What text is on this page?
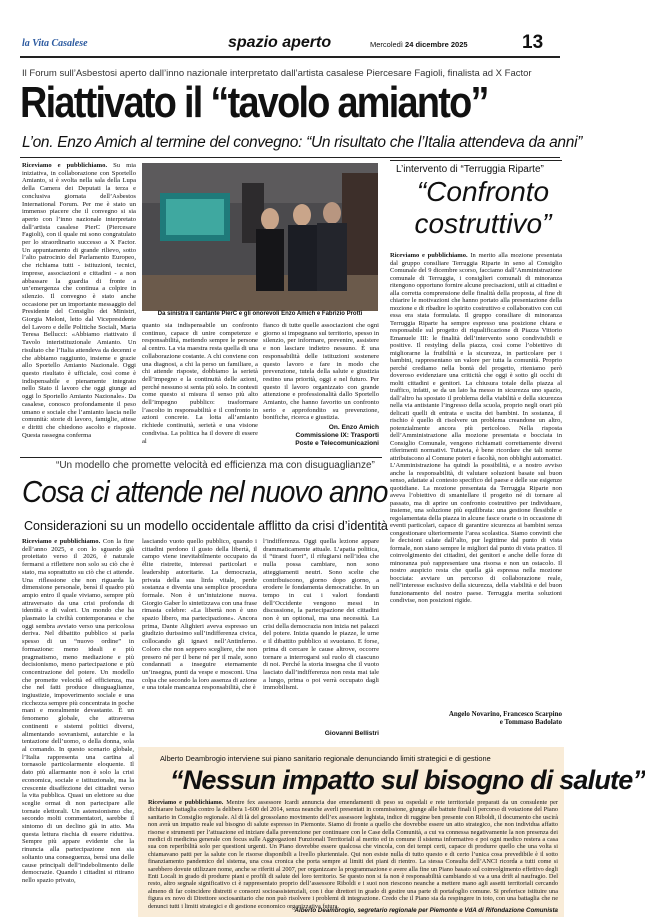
la Vita Casalese	spazio aperto	Mercoledì 24 dicembre 2025	13
Il Forum sull’Asbestosi aperto dall’inno nazionale interpretato dall’artista casalese Piercesare Fagioli, finalista ad X Factor
Riattivato il “tavolo amianto”
L’on. Enzo Amich al termine del convegno: “Un risultato che l’Italia attendeva da anni”

Riceviamo e pubblichiamo. Su mia iniziativa, in collaborazione con Sportello Amianto, si è svolta nella sala della Lupa della Camera dei Deputati la terza e conclusiva giornata dell’Asbestos International Forum. Per me è stato un immenso piacere che il convegno si sia aperto con l’inno nazionale interpretato dall’artista casalese PierC (Piercesare Fagioli), con il quale mi sono congratulato per lo straordinario successo a X Factor. Un appuntamento di grande rilievo, sotto l’alto patrocinio del Parlamento Europeo, che richiama tutti - istituzioni, tecnici, imprese, associazioni e cittadini - a non abbassare la guardia di fronte a un’emergenza che continua a colpire in silenzio. Il convegno è stato anche occasione per un importante messaggio del Presidente del Consiglio dei Ministri, Giorgia Meloni, letto dal Vicepresidente del Lavoro e delle Politiche Sociali, Maria Teresa Bellucci: «Abbiamo riattivato il Tavolo interistituzionale Amianto. Un risultato che l’Italia attendeva da decenni e che abbiamo raggiunto, insieme e grazie allo Sportello Amianto Nazionale. Oggi questo risultato è ufficiale, così come è indispensabile e pienamente integrato nello Stato il lavoro che oggi giunge ad oggi lo Sportello Amianto Nazionale». Da casalese, conosco profondamente il peso umano e sociale che l’amianto lascia nelle comunità: storie di lavoro, famiglie, attese e diritti che chiedono ascolto e risposte. Questa rassegna conferma

Da sinistra il cantante PierC e gli onorevoli Enzo Amich e Fabrizio Protti

quanto sia indispensabile un confronto continuo, capace di unire competenze e responsabilità, mettendo sempre le persone al centro. La via maestra resta quella di una collaborazione costante. A chi conviene con una diagnosi, a chi la perso un familiare, a chi attende risposte, dobbiamo la serietà dell’impegno e la continuità delle azioni, perché nessuno si senta più solo. In contesti come questo si misura il senso più alto dell’impegno pubblico: trasformare l’ascolto in responsabilità e il confronto in azioni concrete. La lotta all’amianto richiede continuità, serietà e una visione condivisa. La politica ha il dovere di essere al

fianco di tutte quelle associazioni che ogni giorno si impegnano sul territorio, spesso in silenzio, per informare, prevenire, assistere e non lasciare indietro nessuno. È una responsabilità delle istituzioni sostenere questo lavoro e fare in modo che prevenzione, tutela della salute e giustizia restino una priorità, oggi e nel futuro. Per questo il lavoro organizzato con grande attenzione e professionalità dallo Sportello Amianto, che hanno favorito un confronto serio e approfondito su prevenzione, bonifiche, ricerca e giustizia.

On. Enzo Amich
Commissione IX: Trasporti
Poste e Telecomunicazioni
L’intervento di “Terruggia Riparte”
“Confronto costruttivo”

Riceviamo e pubblichiamo. In merito alla mozione presentata dal gruppo consiliare Terruggia Riparte in seno al Consiglio Comunale del 9 dicembre scorso, facciamo dall’Amministrazione comunale di Terruggia, i consiglieri comunali di minoranza ritengono opportuno fornire alcune precisazioni, utili ai cittadini e alla corretta comprensione delle finalità della proposta, al fine di chiarire le motivazioni che hanno portato alla presentazione della mozione e di ribadire lo spirito costruttivo e collaborativo con cui essa era stata formulata. Il gruppo consiliare di minoranza Terruggia Riparte ha sempre espresso una posizione chiara e responsabile sul progetto di riqualificazione di Piazza Vittorio Emanuele III: le finalità dell’intervento sono condivisibili e positive. Il restyling della piazza, così come l’obiettivo di migliorarne la fruibilità e la sicurezza, in particolare per i bambini, rappresentano un valore per tutta la comunità. Proprio perché crediamo nella bontà del progetto, riteniamo però doveroso evidenziare una criticità che oggi è sotto gli occhi di molti cittadini e genitori. La chiusura totale della piazza al traffico, infatti, se da un lato ha messo in sicurezza uno spazio, dall’altro ha spostato il problema della viabilità e della sicurezza nella via antistante l’ingresso della scuola, proprio negli orari più delicati quelli di entrata e uscita dei bambini. In sostanza, il rischio è quello di risolvere un problema creandone un altro, potenzialmente ancora più pericoloso. Nella risposta dell’Amministrazione alla mozione presentata e bocciata in Consiglio Comunale, vengono richiamati correttamente diversi riferimenti normativi. Tuttavia, è bene ricordare che tali norme attribuiscono al Comune poteri e facoltà, non obblighi automatici. L’Amministrazione ha quindi la possibilità, e a nostro avviso anche la responsabilità, di valutare soluzioni basate sul buon senso, adattate al contesto specifico del paese e delle sue esigenze quotidiane. La mozione presentata da Terruggia Riparte non aveva l’obiettivo di smantellare il progetto né di tornare al passato, ma di aprire un confronto costruttivo per individuare, insieme, una soluzione più equilibrata: una gestione flessibile e regolamentata della piazza in alcune fasce orarie o in occasione di eventi particolari, capace di garantire sicurezza ai bambini senza congestionare ulteriormente l’area scolastica. Siamo convinti che le decisioni calate dall’alto, pur legittime dal punto di vista formale, non siano sempre le migliori dal punto di vista pratico. Il coinvolgimento dei cittadini, dei genitori e anche delle forze di minoranza può rappresentare una risorsa e non un ostacolo. Il nostro auspicio resta che quella già espressa nella mozione bocciata: avviare un percorso di collaborazione reale, nell’interesse esclusivo della sicurezza, della viabilità e del buon funzionamento del nostro paese. Terruggia merita soluzioni condivise, non posizioni rigide.

Angelo Novarino, Francesco Scarpino
e Tommaso Badolato
“Un modello che promette velocità ed efficienza ma con disuguaglianze”
Cosa ci attende nel nuovo anno
Considerazioni su un modello occidentale afflitto da crisi d’identità

Riceviamo e pubblichiamo. Con la fine dell’anno 2025, e con lo sguardo già proiettato verso il 2026, è naturale fermarsi a riflettere non solo su ciò che è stato, ma soprattutto su ciò che ci attende. Una riflessione che non riguarda la dimensione personale, bensì il quadro più ampio entro il quale viviamo, sempre più attraversato da una crisi profonda di identità e di valori. Un mondo che ha plasmato la civiltà contemporanea e che oggi sembra avviato verso una pericolosa deriva. Nel dibattito pubblico si parla spesso di un “nuovo ordine” in formazione: meno ideali e più pragmatismo, meno mediazione e più decisionismo, meno partecipazione e più concentrazione del potere. Un modello che promette velocità ed efficienza, ma che nel fatti produce disuguaglianze, ingiustizie, impoverimento sociale e una ricchezza sempre più concentrata in poche mani e moralmente devastante. È un fenomeno globale, che attraversa continenti e sistemi politici diversi, alimentando sovranismi, autarchie e la tentazione dell’uomo, o della donna, sola al comando. In questo scenario globale, l’Italia rappresenta una cartina al tornasole particolarmente eloquente. Il dato più allarmante non è solo la crisi economica, sociale e istituzionale, ma la crescente disaffezione dei cittadini verso la vita pubblica. Quasi un elettore su due sceglie ormai di non partecipare alle tornate elettorali. Un astensionismo che, secondo molti commentatori, sarebbe il sintomo di un declino già in atto. Ma questa lettura rischia di essere riduttiva. Sempre più appare evidente che la rinuncia alla partecipazione non sia soltanto una conseguenza, bensì una delle cause principali dell’indebolimento delle democrazie. Quando i cittadini si ritirano nello spazio privato,

lasciando vuoto quello pubblico, quando i cittadini perdono il gusto della libertà, il campo viene inevitabilmente occupato da élite ristrette, interessi particolari e leadership autoritarie. La democrazia, privata della sua linfa vitale, perde sostanza e diventa una semplice procedura formale. Non è un’intuizione nuova. Giorgio Gaber lo sintetizzava con una frase rimasta celebre: «La libertà non è uno spazio libero, ma partecipazione». Ancora prima, Dante Alighieri aveva espresso un giudizio durissimo sull’indifferenza civica, collocando gli ignavi nell’Antinferno. Coloro che non seppero scegliere, che non presero né per il bene né per il male, sono condannati a inseguire eternamente un’insegna, punti da vespe e mosconi. Una colpa che secondo la loro assenza di azione e una totale mancanza responsabilità, che è

l’indifferenza. Oggi quella lezione appare drammaticamente attuale. L’apatia politica, il “tirarsi fuori”, il rifugiarsi nell’idea che nulla possa cambiare, non sono atteggiamenti neutri. Sono scelte che contribuiscono, giorno dopo giorno, a erodere le fondamenta democratiche. In un tempo in cui i valori fondanti dell’Occidente vengono messi in discussione, la partecipazione dei cittadini non è un optional, ma una necessità. La crisi della democrazia non inizia nei palazzi del potere. Inizia quando le piazze, le urne e il dibattito pubblico si svuotano. E forse, prima di cercare le cause altrove, occorre tornare a interrogarsi sul ruolo di ciascuno di noi. Perché la storia insegna che il vuoto lasciato dall’indifferenza non resta mai tale a lungo, prima o poi verrà occupato dagli immobilismi.

Giovanni Bellistri
Alberto Deambrogio interviene sui piano sanitario regionale denunciando limiti strategici e di gestione
“Nessun impatto sul bisogno di salute”

Riceviamo e pubblichiamo. Mentre fex assessore Icardi annuncia due emendamenti di peso su ospedali e rete territoriale preparati da un consulente per dichiarare battaglia contro la delibera 1-600 del 2014, senza neanche averli presentati in commissione, giunge alle battute finali il percorso di votazione del Piano sanitario in Consiglio regionale. Al di là del grossolano movimento dell’ex assessore leghista, indice di ruggine ben presente con Riboldi, il documento che uscirà non avrà un impatto reale sul bisogno di salute espresso in Piemonte. Siamo di fronte a quello che dovrebbe essere un atto strategico, che non individua affatto risorse e strumenti per l’attuazione ed iniziare dalla prevenzione per continuare con le Case della Comunità, a cui va connessa negativamente la non presenza dei medici di medicina generale con focus sulle Aggregazioni Funzionali Territoriali al merito ed in comune il sistema informativo e poi ogni medico restera a casa sua con reperibilità solo per questioni urgenti. Un Piano dovrebbe essere qualcosa che vincola, con dei tempi certi, capace di produrre quello che una volta si chiamavano patti per la salute con le risorse disponibili a livello plurienniale. Qui non esiste nulla di tutto questo e di certo l’unica cosa prevedibile è il sotto finanziamento pandemico del sistema, una cosa cronica che porta sempre ai limiti dei piani di rientro. La stessa Consulta dell’ANCI ricorda a tutti come si sarebbero dovute utilizzare nome, anche se riferiti al 2007, per organizzare la programmazione e avere alla fine un Piano basato sul coinvolgimento effettivo degli Enti Locali in grado di produrre piani e profili di salute del loro territorio. Se questo non si fa non è responsabilità cambiando si va a una drift al naufragio. Del resto, altro segnale significativo ci è rappresentato proprio dell’assessore Riboldi e i suoi non riescono neanche a mettere mano agli assetti territoriali cercando almeno di far coincidere distretti e consorzi socioassistenziali, con i due direttori in grado di gestire una parte di portafoglio comune. Si preferisce istituire una figura ex novo di Direttore sociosanitario che non può risolvere i problemi di integrazione. Credo che il Piano sia da respingere in toto, con una battaglia che ne denunci tutti i limiti strategici e di gestione economico organizzativa futura.

Alberto Deambrogio, segretario regionale per Piemonte e VdA di Rifondazione Comunista
